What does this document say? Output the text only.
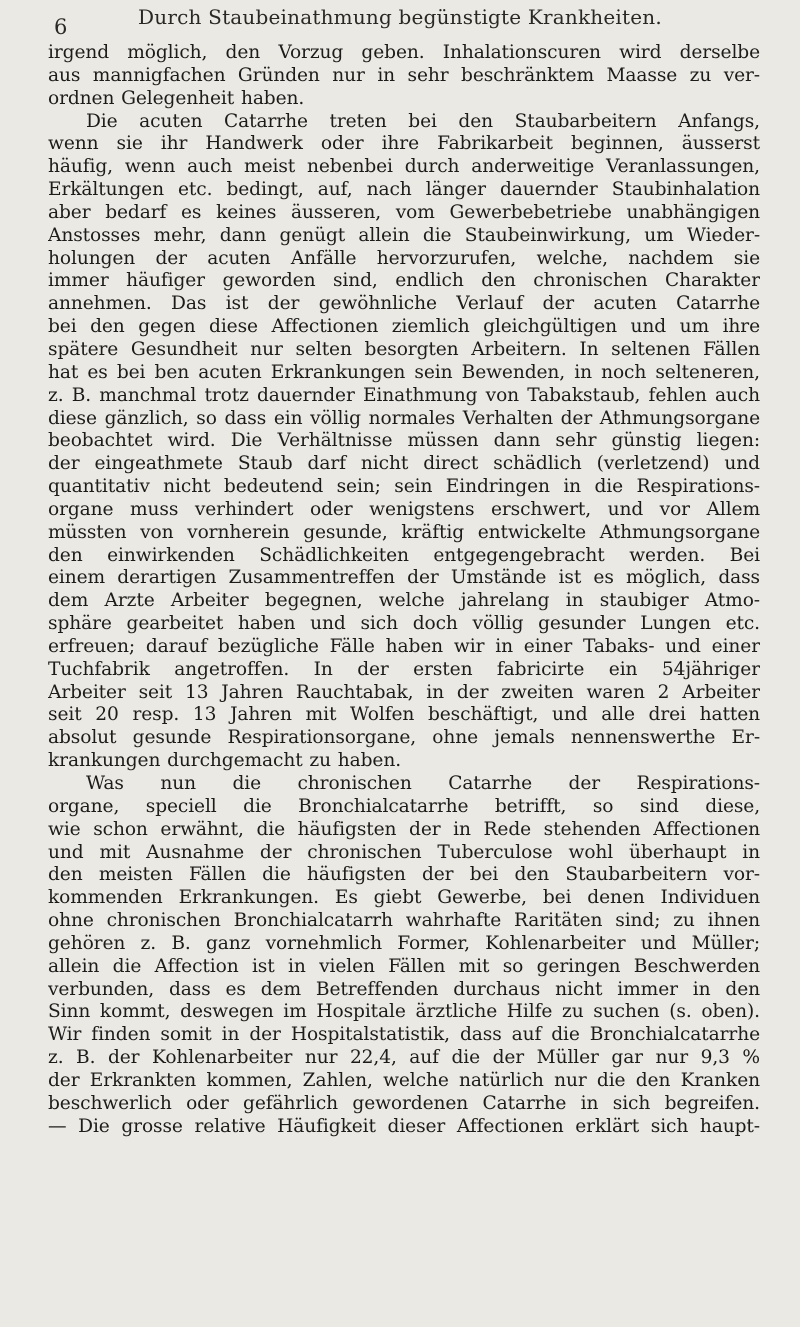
6	Durch Staubeinathmung begünstigte Krankheiten.
irgend möglich, den Vorzug geben. Inhalationscuren wird derselbe
aus mannigfachen Gründen nur in sehr beschränktem Maasse zu ver-
ordnen Gelegenheit haben.
Die acuten Catarrhe treten bei den Staubarbeitern Anfangs,
wenn sie ihr Handwerk oder ihre Fabrikarbeit beginnen, äusserst
häufig, wenn auch meist nebenbei durch anderweitige Veranlassungen,
Erkältungen etc. bedingt, auf, nach länger dauernder Staubinhalation
aber bedarf es keines äusseren, vom Gewerbebetriebe unabhängigen
Anstosses mehr, dann genügt allein die Staubeinwirkung, um Wieder-
holungen der acuten Anfälle hervorzurufen, welche, nachdem sie
immer häufiger geworden sind, endlich den chronischen Charakter
annehmen. Das ist der gewöhnliche Verlauf der acuten Catarrhe
bei den gegen diese Affectionen ziemlich gleichgültigen und um ihre
spätere Gesundheit nur selten besorgten Arbeitern. In seltenen Fällen
hat es bei ben acuten Erkrankungen sein Bewenden, in noch selteneren,
z. B. manchmal trotz dauernder Einathmung von Tabakstaub, fehlen auch
diese gänzlich, so dass ein völlig normales Verhalten der Athmungsorgane
beobachtet wird. Die Verhältnisse müssen dann sehr günstig liegen:
der eingeathmete Staub darf nicht direct schädlich (verletzend) und
quantitativ nicht bedeutend sein; sein Eindringen in die Respirations-
organe muss verhindert oder wenigstens erschwert, und vor Allem
müssten von vornherein gesunde, kräftig entwickelte Athmungsorgane
den einwirkenden Schädlichkeiten entgegengebracht werden. Bei
einem derartigen Zusammentreffen der Umstände ist es möglich, dass
dem Arzte Arbeiter begegnen, welche jahrelang in staubiger Atmo-
sphäre gearbeitet haben und sich doch völlig gesunder Lungen etc.
erfreuen; darauf bezügliche Fälle haben wir in einer Tabaks- und einer
Tuchfabrik angetroffen. In der ersten fabricirte ein 54jähriger
Arbeiter seit 13 Jahren Rauchtabak, in der zweiten waren 2 Arbeiter
seit 20 resp. 13 Jahren mit Wolfen beschäftigt, und alle drei hatten
absolut gesunde Respirationsorgane, ohne jemals nennenswerthe Er-
krankungen durchgemacht zu haben.
Was nun die chronischen Catarrhe der Respirations-
organe, speciell die Bronchialcatarrhe betrifft, so sind diese,
wie schon erwähnt, die häufigsten der in Rede stehenden Affectionen
und mit Ausnahme der chronischen Tuberculose wohl überhaupt in
den meisten Fällen die häufigsten der bei den Staubarbeitern vor-
kommenden Erkrankungen. Es giebt Gewerbe, bei denen Individuen
ohne chronischen Bronchialcatarrh wahrhafte Raritäten sind; zu ihnen
gehören z. B. ganz vornehmlich Former, Kohlenarbeiter und Müller;
allein die Affection ist in vielen Fällen mit so geringen Beschwerden
verbunden, dass es dem Betreffenden durchaus nicht immer in den
Sinn kommt, deswegen im Hospitale ärztliche Hilfe zu suchen (s. oben).
Wir finden somit in der Hospitalstatistik, dass auf die Bronchialcatarrhe
z. B. der Kohlenarbeiter nur 22,4, auf die der Müller gar nur 9,3 %
der Erkrankten kommen, Zahlen, welche natürlich nur die den Kranken
beschwerlich oder gefährlich gewordenen Catarrhe in sich begreifen.
— Die grosse relative Häufigkeit dieser Affectionen erklärt sich haupt-
